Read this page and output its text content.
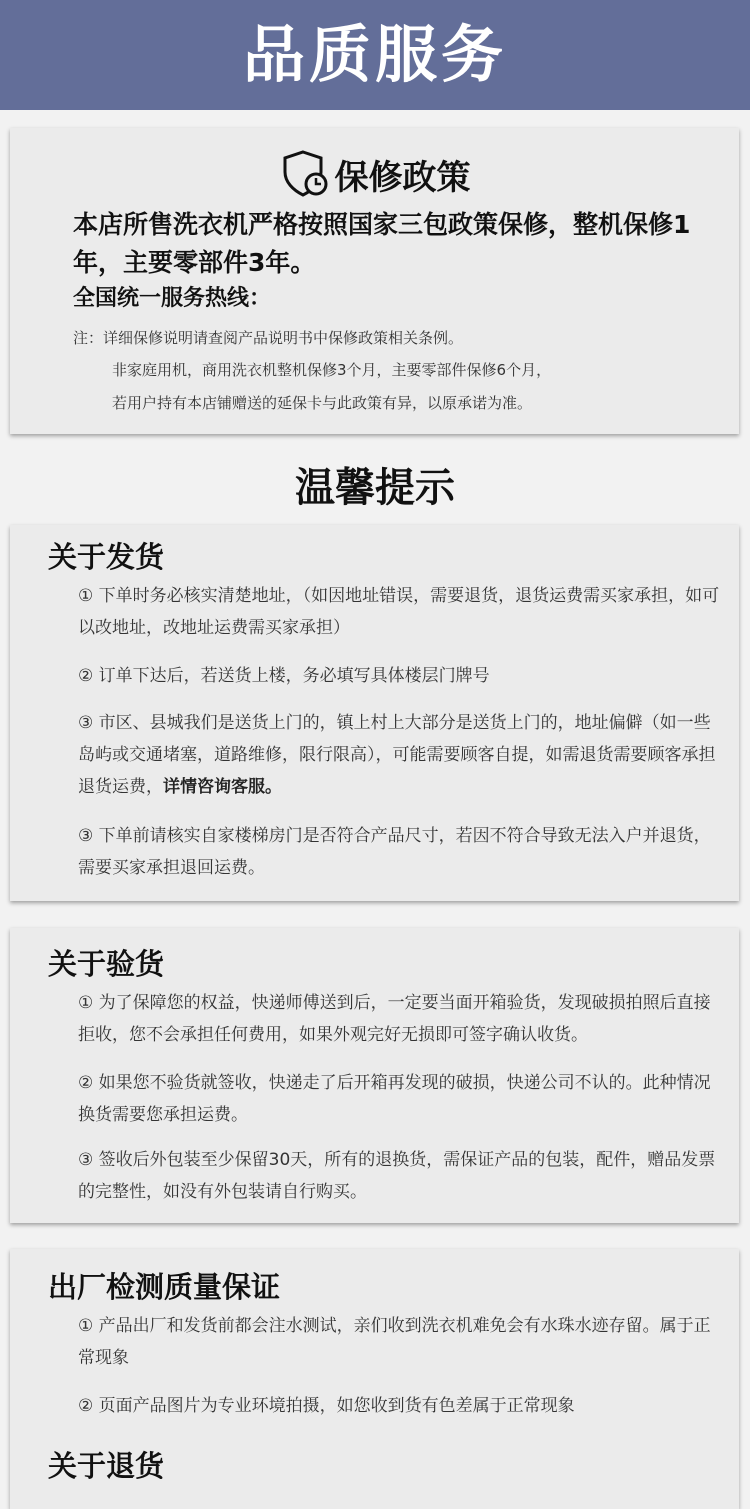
品质服务
保修政策
本店所售洗衣机严格按照国家三包政策保修，整机保修1年，主要零部件3年。
全国统一服务热线：
注：详细保修说明请查阅产品说明书中保修政策相关条例。
非家庭用机，商用洗衣机整机保修3个月，主要零部件保修6个月，
若用户持有本店铺赠送的延保卡与此政策有异，以原承诺为准。
温馨提示
关于发货
① 下单时务必核实清楚地址，（如因地址错误，需要退货，退货运费需买家承担，如可以改地址，改地址运费需买家承担）
② 订单下达后，若送货上楼，务必填写具体楼层门牌号
③ 市区、县城我们是送货上门的，镇上村上大部分是送货上门的，地址偏僻（如一些岛屿或交通堵塞，道路维修，限行限高），可能需要顾客自提，如需退货需要顾客承担退货运费，详情咨询客服。
③ 下单前请核实自家楼梯房门是否符合产品尺寸，若因不符合导致无法入户并退货，需要买家承担退回运费。
关于验货
① 为了保障您的权益，快递师傅送到后，一定要当面开箱验货，发现破损拍照后直接拒收，您不会承担任何费用，如果外观完好无损即可签字确认收货。
② 如果您不验货就签收，快递走了后开箱再发现的破损，快递公司不认的。此种情况换货需要您承担运费。
③ 签收后外包装至少保留30天，所有的退换货，需保证产品的包装，配件，赠品发票的完整性，如没有外包装请自行购买。
出厂检测质量保证
① 产品出厂和发货前都会注水测试，亲们收到洗衣机难免会有水珠水迹存留。属于正常现象
② 页面产品图片为专业环境拍摄，如您收到货有色差属于正常现象
关于退货
